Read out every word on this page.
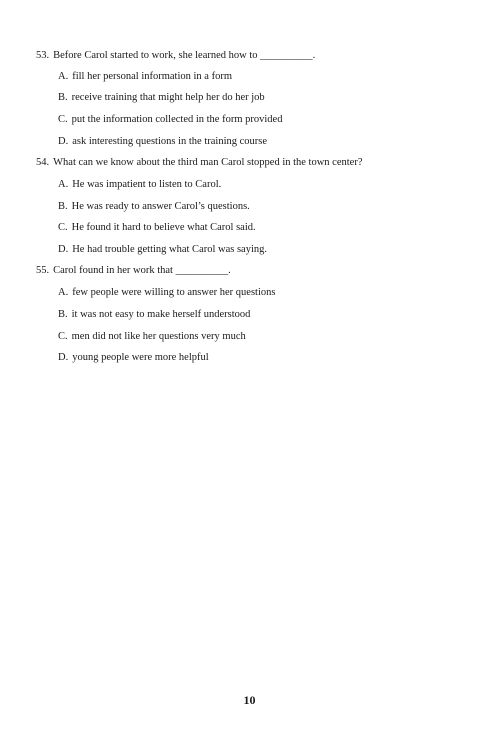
53. Before Carol started to work, she learned how to __________.
A. fill her personal information in a form
B. receive training that might help her do her job
C. put the information collected in the form provided
D. ask interesting questions in the training course
54. What can we know about the third man Carol stopped in the town center?
A. He was impatient to listen to Carol.
B. He was ready to answer Carol’s questions.
C. He found it hard to believe what Carol said.
D. He had trouble getting what Carol was saying.
55. Carol found in her work that __________.
A. few people were willing to answer her questions
B. it was not easy to make herself understood
C. men did not like her questions very much
D. young people were more helpful
10
